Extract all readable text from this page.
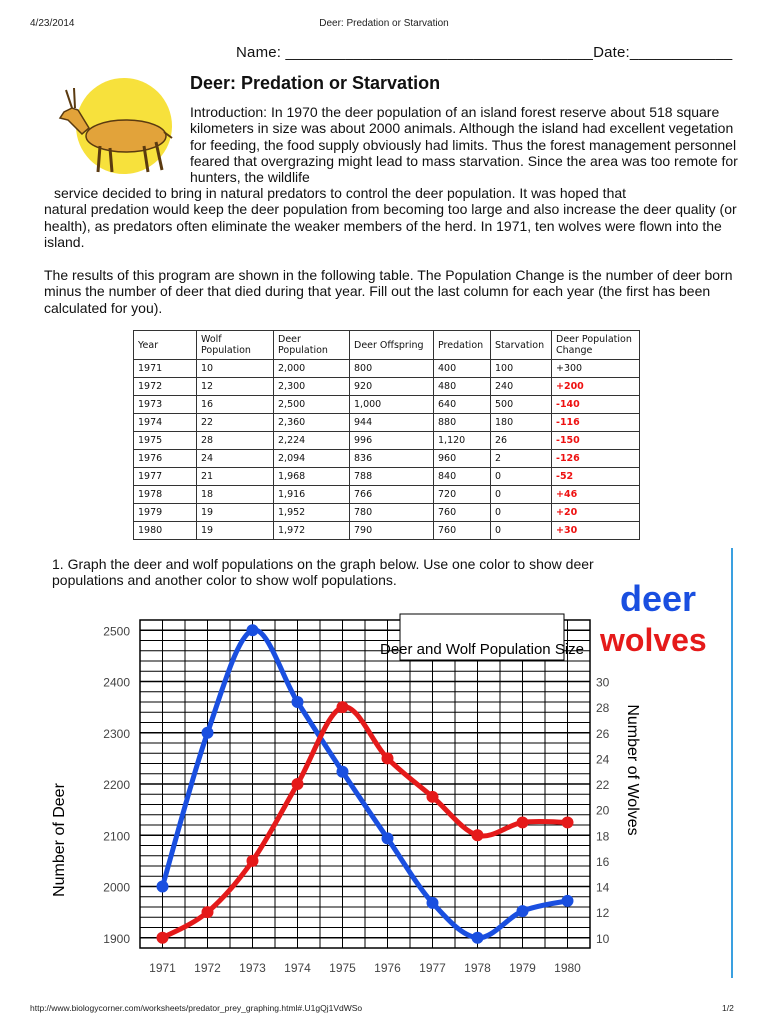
4/23/2014	Deer: Predation or Starvation
Name: ____________________________________Date:____________
Deer: Predation or Starvation
Introduction: In 1970 the deer population of an island forest reserve about 518 square kilometers in size was about 2000 animals. Although the island had excellent vegetation for feeding, the food supply obviously had limits. Thus the forest management personnel feared that overgrazing might lead to mass starvation. Since the area was too remote for hunters, the wildlife
service decided to bring in natural predators to control the deer population. It was hoped that
natural predation would keep the deer population from becoming too large and also increase the deer quality (or health), as predators often eliminate the weaker members of the herd. In 1971, ten wolves were flown into the island.
The results of this program are shown in the following table. The Population Change is the number of deer born minus the number of deer that died during that year. Fill out the last column for each year (the first has been calculated for you).
Year	Wolf Population	Deer Population	Deer Offspring	Predation	Starvation	Deer Population Change
1971	10	2,000	800	400	100	+300
1972	12	2,300	920	480	240	+200
1973	16	2,500	1,000	640	500	-140
1974	22	2,360	944	880	180	-116
1975	28	2,224	996	1,120	26	-150
1976	24	2,094	836	960	2	-126
1977	21	1,968	788	840	0	-52
1978	18	1,916	766	720	0	+46
1979	19	1,952	780	760	0	+20
1980	19	1,972	790	760	0	+30
1. Graph the deer and wolf populations on the graph below. Use one color to show deer populations and another color to show wolf populations.	deer
wolves
Deer and Wolf Population Size
Number of Deer
Number of Wolves
1900
2000
2100
2200
2300
2400
2500
10
12
14
16
18
20
22
24
26
28
30
1971 1972 1973 1974 1975 1976 1977 1978 1979 1980
http://www.biologycorner.com/worksheets/predator_prey_graphing.html#.U1gQj1VdWSo	1/2
